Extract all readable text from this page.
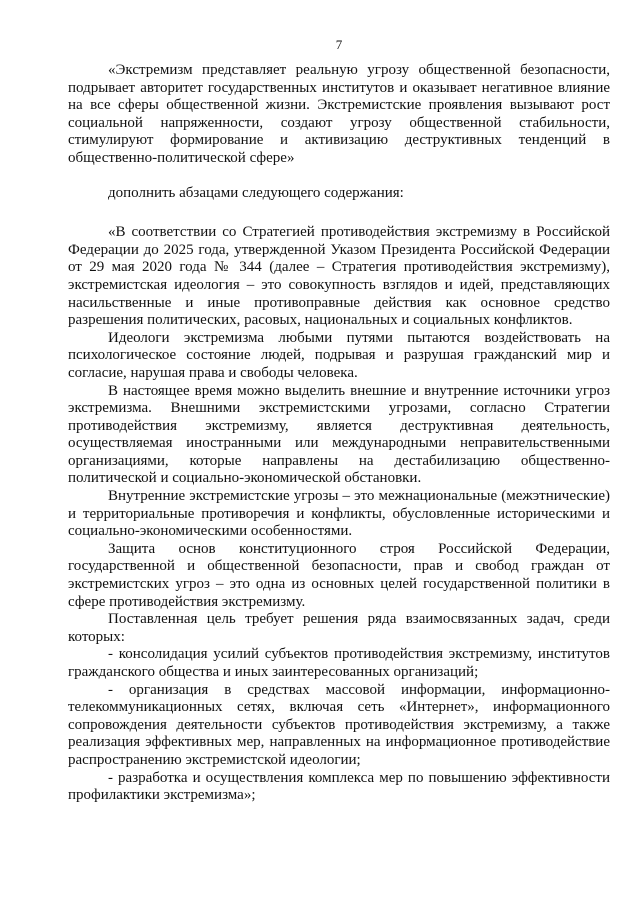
7

«Экстремизм представляет реальную угрозу общественной безопасности, подрывает авторитет государственных институтов и оказывает негативное влияние на все сферы общественной жизни. Экстремистские проявления вызывают рост социальной напряженности, создают угрозу общественной стабильности, стимулируют формирование и активизацию деструктивных тенденций в общественно-политической сфере»

дополнить абзацами следующего содержания:

«В соответствии со Стратегией противодействия экстремизму в Российской Федерации до 2025 года, утвержденной Указом Президента Российской Федерации от 29 мая 2020 года № 344 (далее – Стратегия противодействия экстремизму), экстремистская идеология – это совокупность взглядов и идей, представляющих насильственные и иные противоправные действия как основное средство разрешения политических, расовых, национальных и социальных конфликтов.

Идеологи экстремизма любыми путями пытаются воздействовать на психологическое состояние людей, подрывая и разрушая гражданский мир и согласие, нарушая права и свободы человека.

В настоящее время можно выделить внешние и внутренние источники угроз экстремизма. Внешними экстремистскими угрозами, согласно Стратегии противодействия экстремизму, является деструктивная деятельность, осуществляемая иностранными или международными неправительственными организациями, которые направлены на дестабилизацию общественно-политической и социально-экономической обстановки.

Внутренние экстремистские угрозы – это межнациональные (межэтнические) и территориальные противоречия и конфликты, обусловленные историческими и социально-экономическими особенностями.

Защита основ конституционного строя Российской Федерации, государственной и общественной безопасности, прав и свобод граждан от экстремистских угроз – это одна из основных целей государственной политики в сфере противодействия экстремизму.

Поставленная цель требует решения ряда взаимосвязанных задач, среди которых:

- консолидация усилий субъектов противодействия экстремизму, институтов гражданского общества и иных заинтересованных организаций;

- организация в средствах массовой информации, информационно-телекоммуникационных сетях, включая сеть «Интернет», информационного сопровождения деятельности субъектов противодействия экстремизму, а также реализация эффективных мер, направленных на информационное противодействие распространению экстремистской идеологии;

- разработка и осуществления комплекса мер по повышению эффективности профилактики экстремизма»;
